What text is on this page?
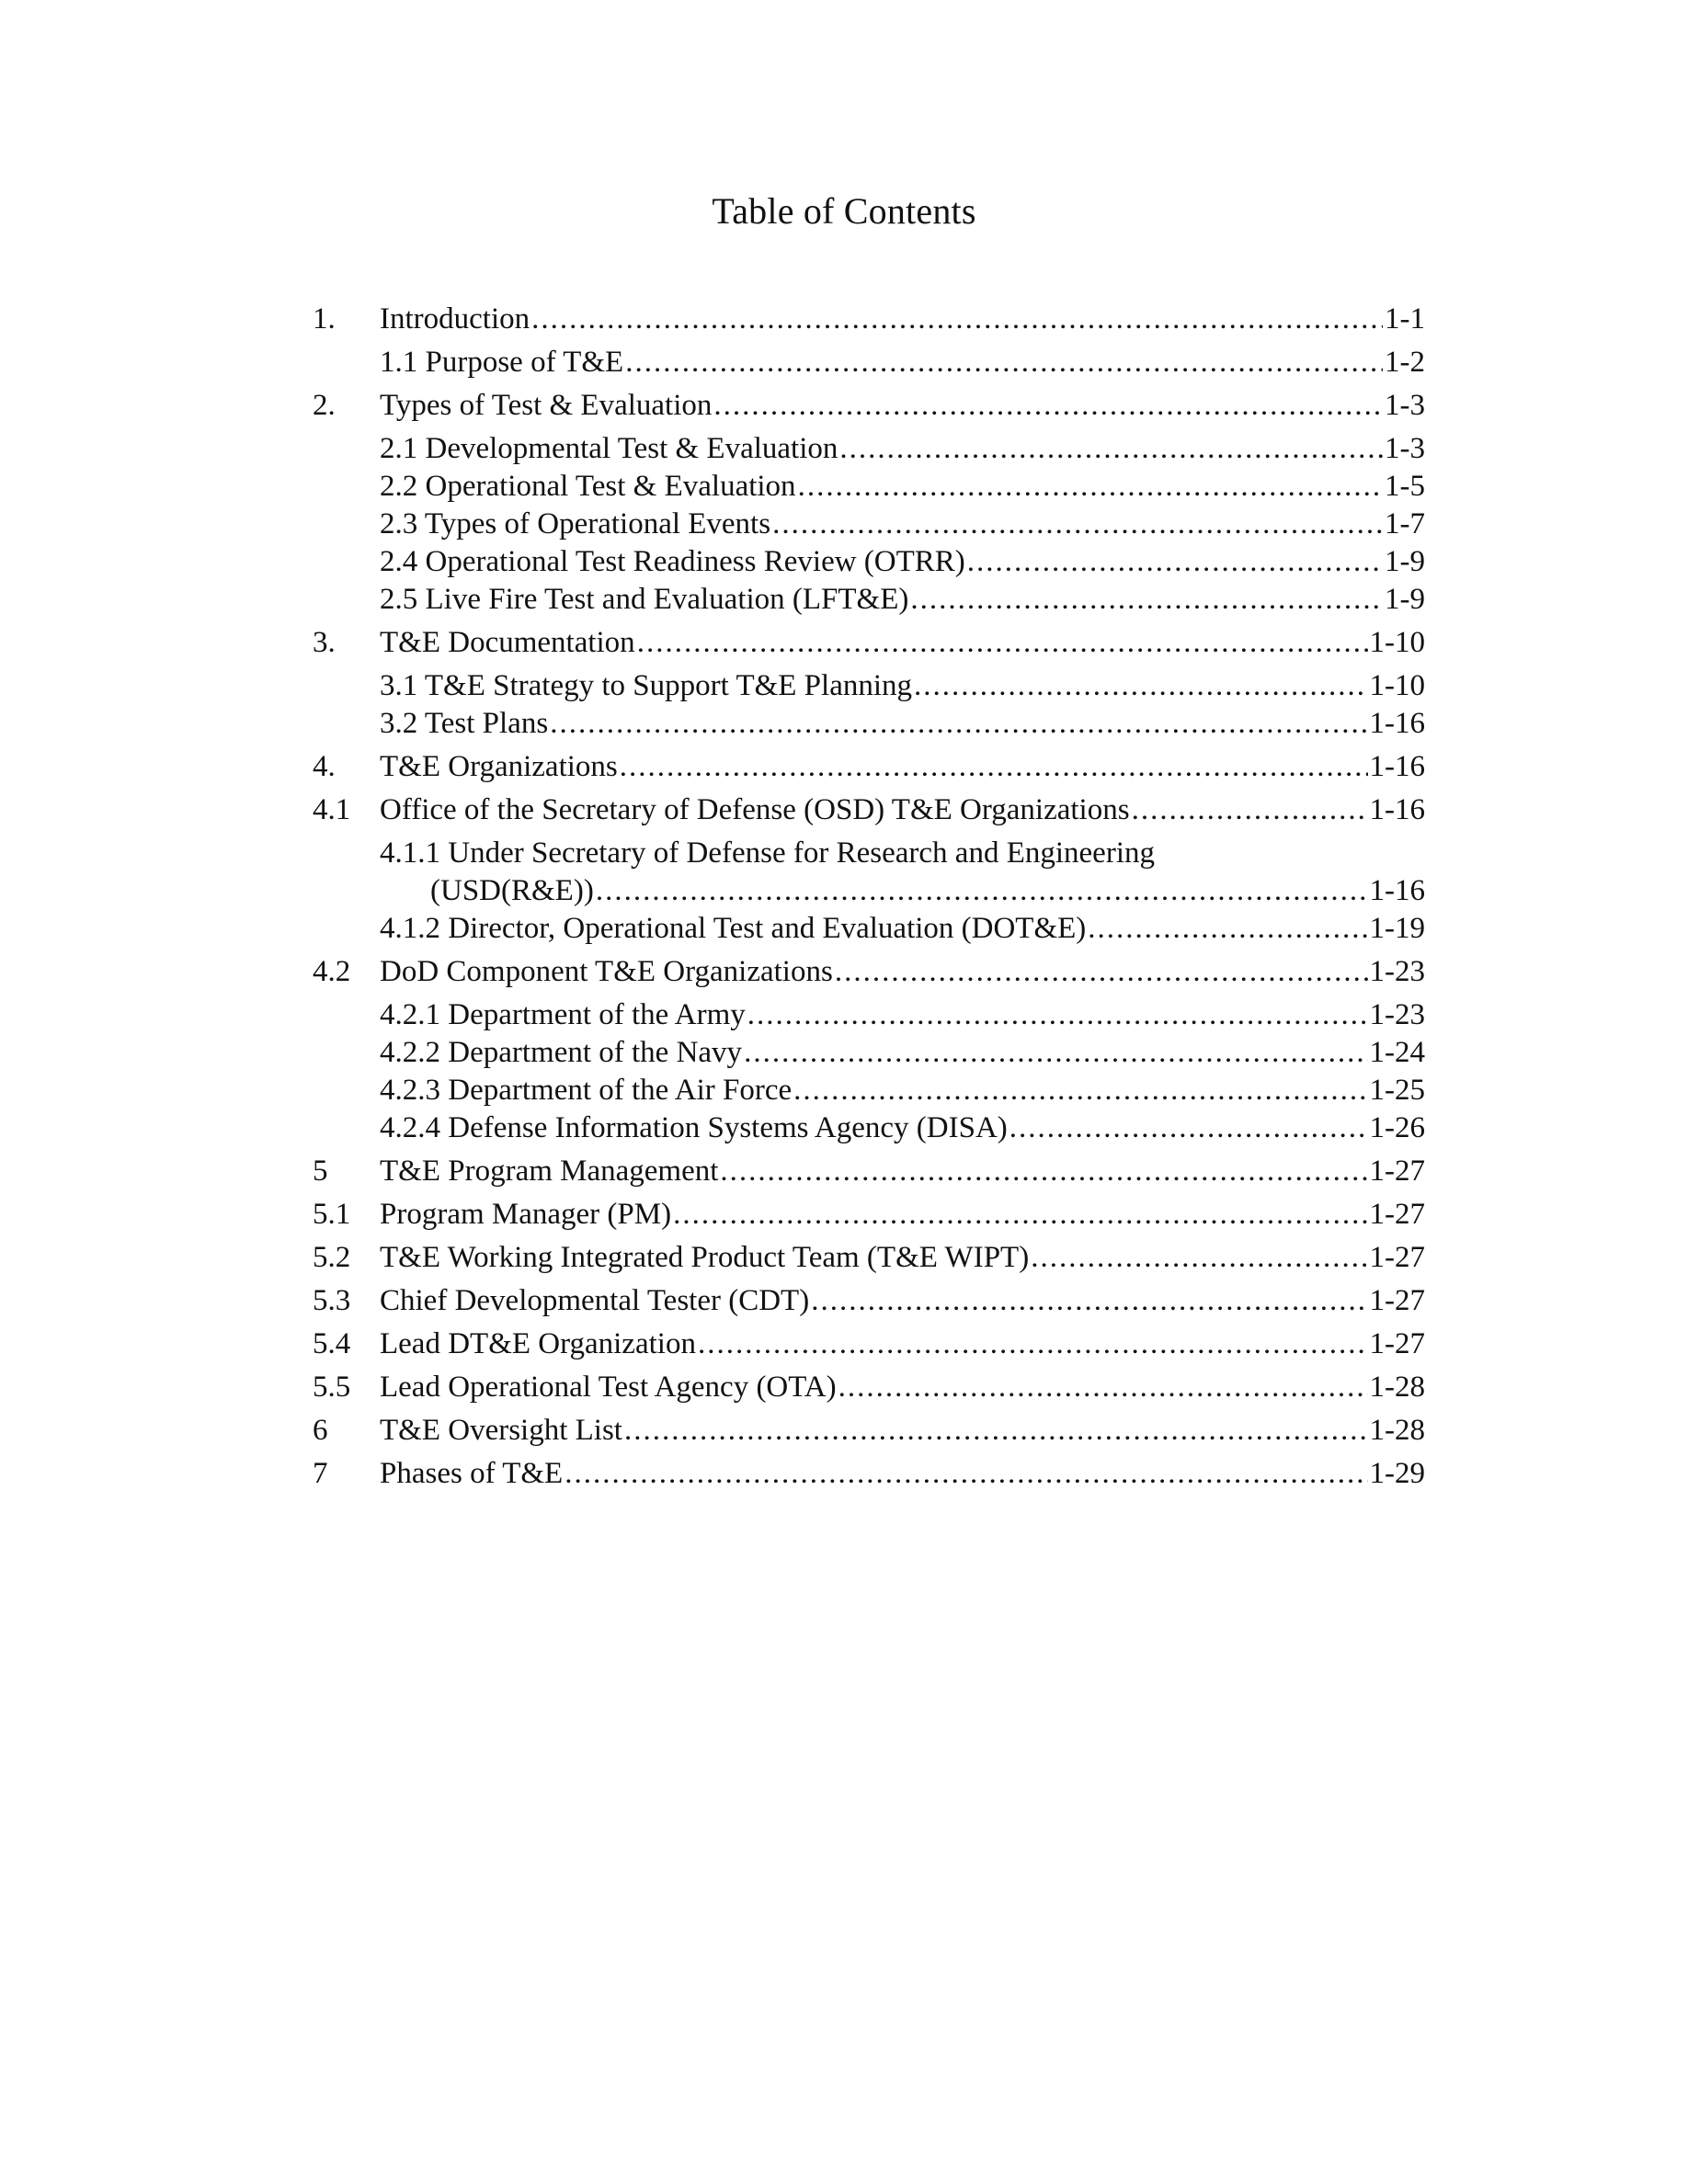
Table of Contents
1. Introduction .....	1-1
1.1 Purpose of T&E .....	1-2
2. Types of Test & Evaluation .....	1-3
2.1 Developmental Test & Evaluation .....	1-3
2.2 Operational Test & Evaluation .....	1-5
2.3 Types of Operational Events .....	1-7
2.4 Operational Test Readiness Review (OTRR) .....	1-9
2.5 Live Fire Test and Evaluation (LFT&E) .....	1-9
3. T&E Documentation .....	1-10
3.1 T&E Strategy to Support T&E Planning .....	1-10
3.2 Test Plans .....	1-16
4. T&E Organizations .....	1-16
4.1 Office of the Secretary of Defense (OSD) T&E Organizations .....	1-16
4.1.1 Under Secretary of Defense for Research and Engineering
(USD(R&E)) .....	1-16
4.1.2 Director, Operational Test and Evaluation (DOT&E) .....	1-19
4.2 DoD Component T&E Organizations .....	1-23
4.2.1 Department of the Army .....	1-23
4.2.2 Department of the Navy .....	1-24
4.2.3 Department of the Air Force .....	1-25
4.2.4 Defense Information Systems Agency (DISA) .....	1-26
5 T&E Program Management .....	1-27
5.1 Program Manager (PM) .....	1-27
5.2 T&E Working Integrated Product Team (T&E WIPT) .....	1-27
5.3 Chief Developmental Tester (CDT) .....	1-27
5.4 Lead DT&E Organization .....	1-27
5.5 Lead Operational Test Agency (OTA) .....	1-28
6 T&E Oversight List .....	1-28
7 Phases of T&E .....	1-29
